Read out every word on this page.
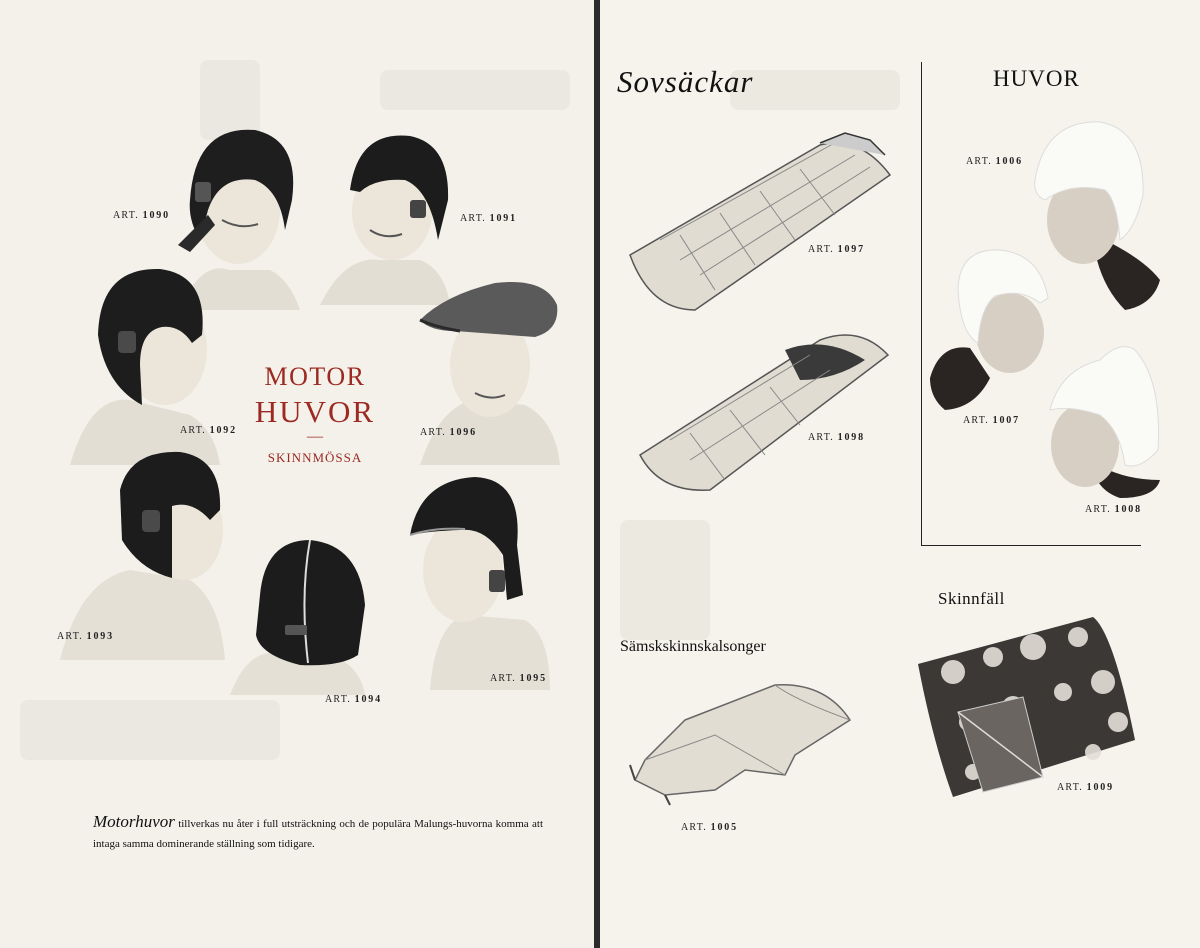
ART. 1090	ART. 1091
ART. 1092	ART. 1096
ART. 1093
ART. 1094
ART. 1095
MOTOR
HUVOR
—
SKINNMÖSSA
Motorhuvor tillverkas nu åter i full utsträckning och de populära Malungs-huvorna komma att intaga samma dominerande ställning som tidigare.
Sovsäckar
ART. 1097
ART. 1098
HUVOR
ART. 1006
ART. 1007
ART. 1008
Skinnfäll
ART. 1009
Sämskskinnskalsonger
ART. 1005
